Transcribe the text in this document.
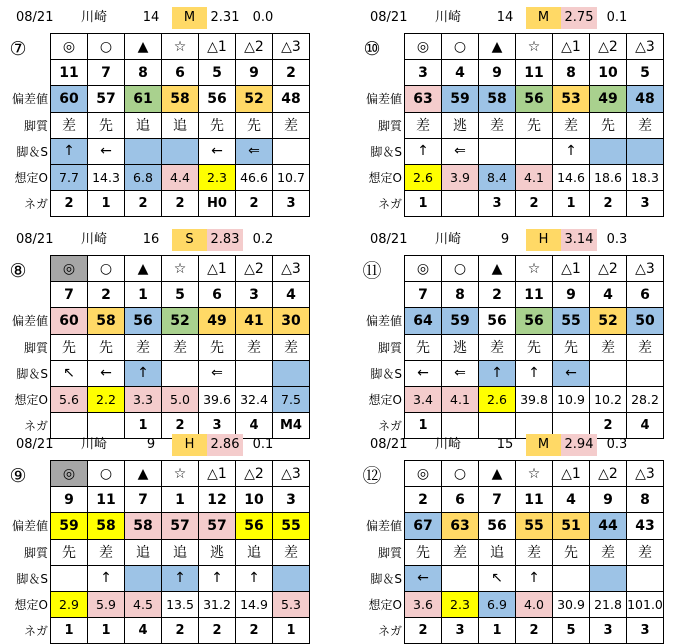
08/21 川崎	14	M	2.31	0.0
⑦
偏差値
脚質
脚＆S
想定O
ネガ
◎	○	▲	☆	△1	△2	△3
11	7	8	6	5	9	2
60	57	61	58	56	52	48
差	先	追	追	先	先	差
↑	←			←	⇐	
7.7	14.3	6.8	4.4	2.3	46.6	10.7
2	1	2	2	H0	2	3
08/21 川崎	14	M	2.75	0.1
⑩
偏差値
脚質
脚＆S
想定O
ネガ
◎	○	▲	☆	△1	△2	△3
3	4	9	11	8	10	5
63	59	58	56	53	49	48
差	逃	差	先	差	先	差
↑	⇐			↑		
2.6	3.9	8.4	4.1	14.6	18.6	18.3
1		3	2	1	2	3
08/21 川崎	16	S	2.83	0.2
⑧
偏差値
脚質
脚＆S
想定O
ネガ
◎	○	▲	☆	△1	△2	△3
7	2	1	5	6	3	4
60	58	56	52	49	41	30
先	先	差	差	先	差	差
↖	←	↑		⇐		
5.6	2.2	3.3	5.0	39.6	32.4	7.5
		1	2	3	4	M4
08/21 川崎	9	H	3.14	0.3
⑪
偏差値
脚質
脚＆S
想定O
ネガ
◎	○	▲	☆	△1	△2	△3
7	8	2	11	9	4	6
64	59	56	56	55	52	50
先	逃	差	先	先	差	差
←	⇐	↑	↑	←		
3.4	4.1	2.6	39.8	10.9	10.2	28.2
1					2	4
08/21 川崎	9	H	2.86	0.1
⑨
偏差値
脚質
脚＆S
想定O
ネガ
◎	○	▲	☆	△1	△2	△3
9	11	7	1	12	10	3
59	58	58	57	57	56	55
先	差	追	追	逃	追	差
	↑		↑	↑	↑	
2.9	5.9	4.5	13.5	31.2	14.9	5.3
1	1	4	2	2	2	1
08/21 川崎	15	M	2.94	0.3
⑫
偏差値
脚質
脚＆S
想定O
ネガ
◎	○	▲	☆	△1	△2	△3
2	6	7	11	4	9	8
67	63	56	55	51	44	43
先	差	追	差	先	差	差
←		↖	↑			
3.6	2.3	6.9	4.0	30.9	21.8	101.0
2	3	1	2	5	3	3
